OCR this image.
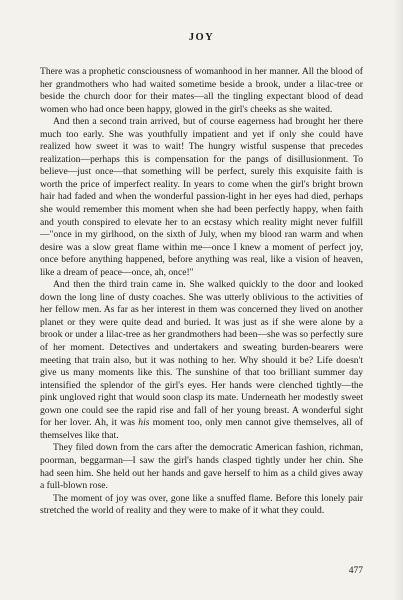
JOY

There was a prophetic consciousness of womanhood in her manner. All the blood of her grandmothers who had waited sometime beside a brook, under a lilac-tree or beside the church door for their mates—all the tingling expectant blood of dead women who had once been happy, glowed in the girl's cheeks as she waited.

And then a second train arrived, but of course eagerness had brought her there much too early. She was youthfully impatient and yet if only she could have realized how sweet it was to wait! The hungry wistful suspense that precedes realization—perhaps this is compensation for the pangs of disillusionment. To believe—just once—that something will be perfect, surely this exquisite faith is worth the price of imperfect reality. In years to come when the girl's bright brown hair had faded and when the wonderful passion-light in her eyes had died, perhaps she would remember this moment when she had been perfectly happy, when faith and youth conspired to elevate her to an ecstasy which reality might never fulfill—"once in my girlhood, on the sixth of July, when my blood ran warm and when desire was a slow great flame within me—once I knew a moment of perfect joy, once before anything happened, before anything was real, like a vision of heaven, like a dream of peace—once, ah, once!"

And then the third train came in. She walked quickly to the door and looked down the long line of dusty coaches. She was utterly oblivious to the activities of her fellow men. As far as her interest in them was concerned they lived on another planet or they were quite dead and buried. It was just as if she were alone by a brook or under a lilac-tree as her grandmothers had been—she was so perfectly sure of her moment. Detectives and undertakers and sweating burden-bearers were meeting that train also, but it was nothing to her. Why should it be? Life doesn't give us many moments like this. The sunshine of that too brilliant summer day intensified the splendor of the girl's eyes. Her hands were clenched tightly—the pink ungloved right that would soon clasp its mate. Underneath her modestly sweet gown one could see the rapid rise and fall of her young breast. A wonderful sight for her lover. Ah, it was his moment too, only men cannot give themselves, all of themselves like that.

They filed down from the cars after the democratic American fashion, richman, poorman, beggarman—I saw the girl's hands clasped tightly under her chin. She had seen him. She held out her hands and gave herself to him as a child gives away a full-blown rose.

The moment of joy was over, gone like a snuffed flame. Before this lonely pair stretched the world of reality and they were to make of it what they could.

477
